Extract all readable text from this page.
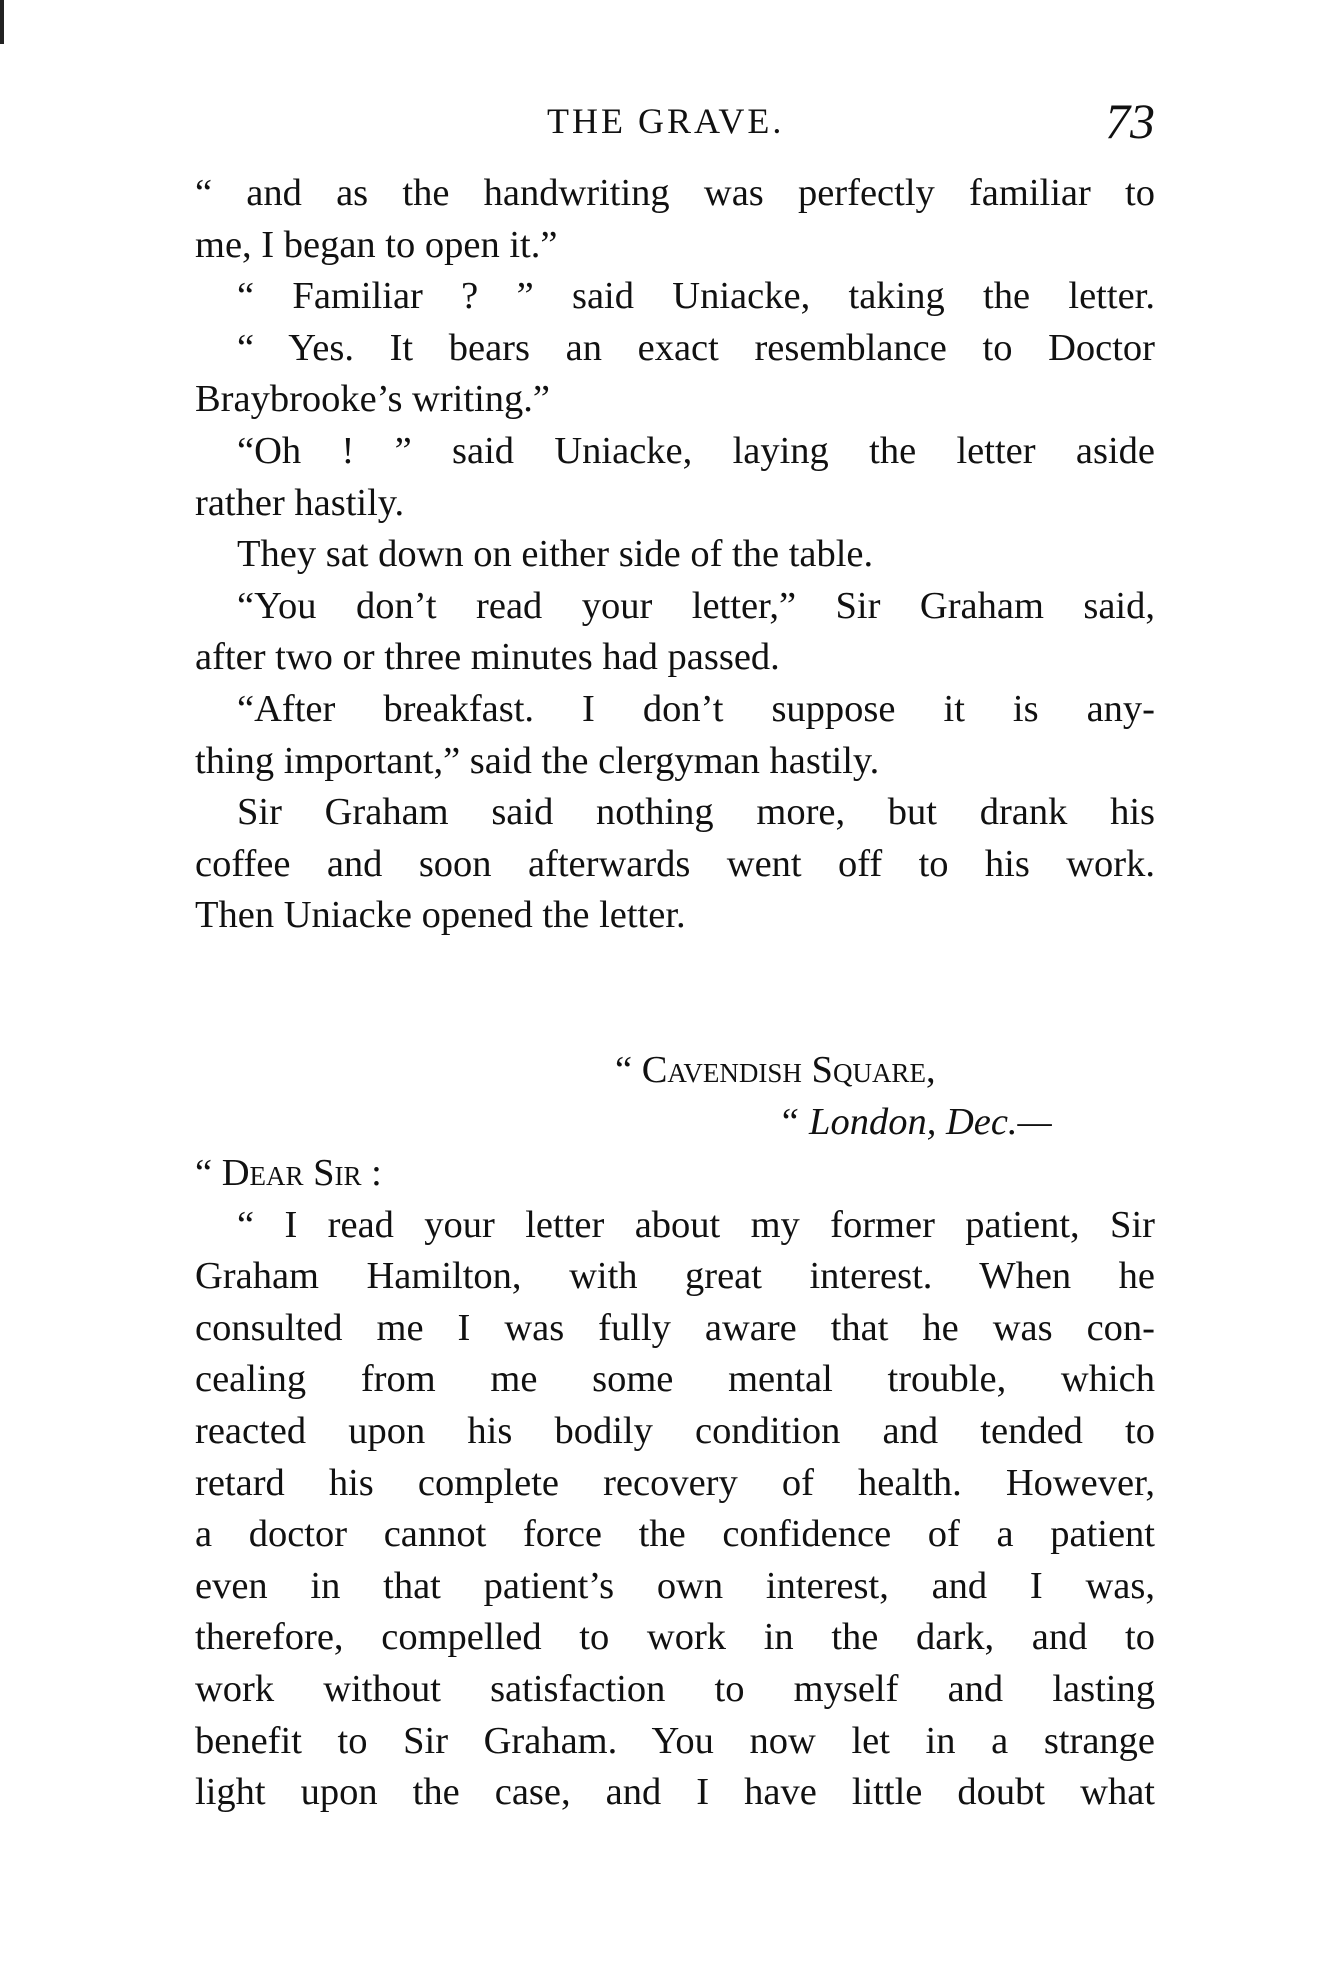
THE GRAVE.	73
“ and as the handwriting was perfectly familiar to
me, I began to open it.”
“ Familiar ? ” said Uniacke, taking the letter.
“ Yes. It bears an exact resemblance to Doctor
Braybrooke’s writing.”
“Oh ! ” said Uniacke, laying the letter aside
rather hastily.
They sat down on either side of the table.
“You don’t read your letter,” Sir Graham said,
after two or three minutes had passed.
“After breakfast. I don’t suppose it is any-
thing important,” said the clergyman hastily.
Sir Graham said nothing more, but drank his
coffee and soon afterwards went off to his work.
Then Uniacke opened the letter.
“ Cavendish Square,
“ London, Dec.—
“ Dear Sir :
“ I read your letter about my former patient, Sir
Graham Hamilton, with great interest. When he
consulted me I was fully aware that he was con-
cealing from me some mental trouble, which
reacted upon his bodily condition and tended to
retard his complete recovery of health. However,
a doctor cannot force the confidence of a patient
even in that patient’s own interest, and I was,
therefore, compelled to work in the dark, and to
work without satisfaction to myself and lasting
benefit to Sir Graham. You now let in a strange
light upon the case, and I have little doubt what
